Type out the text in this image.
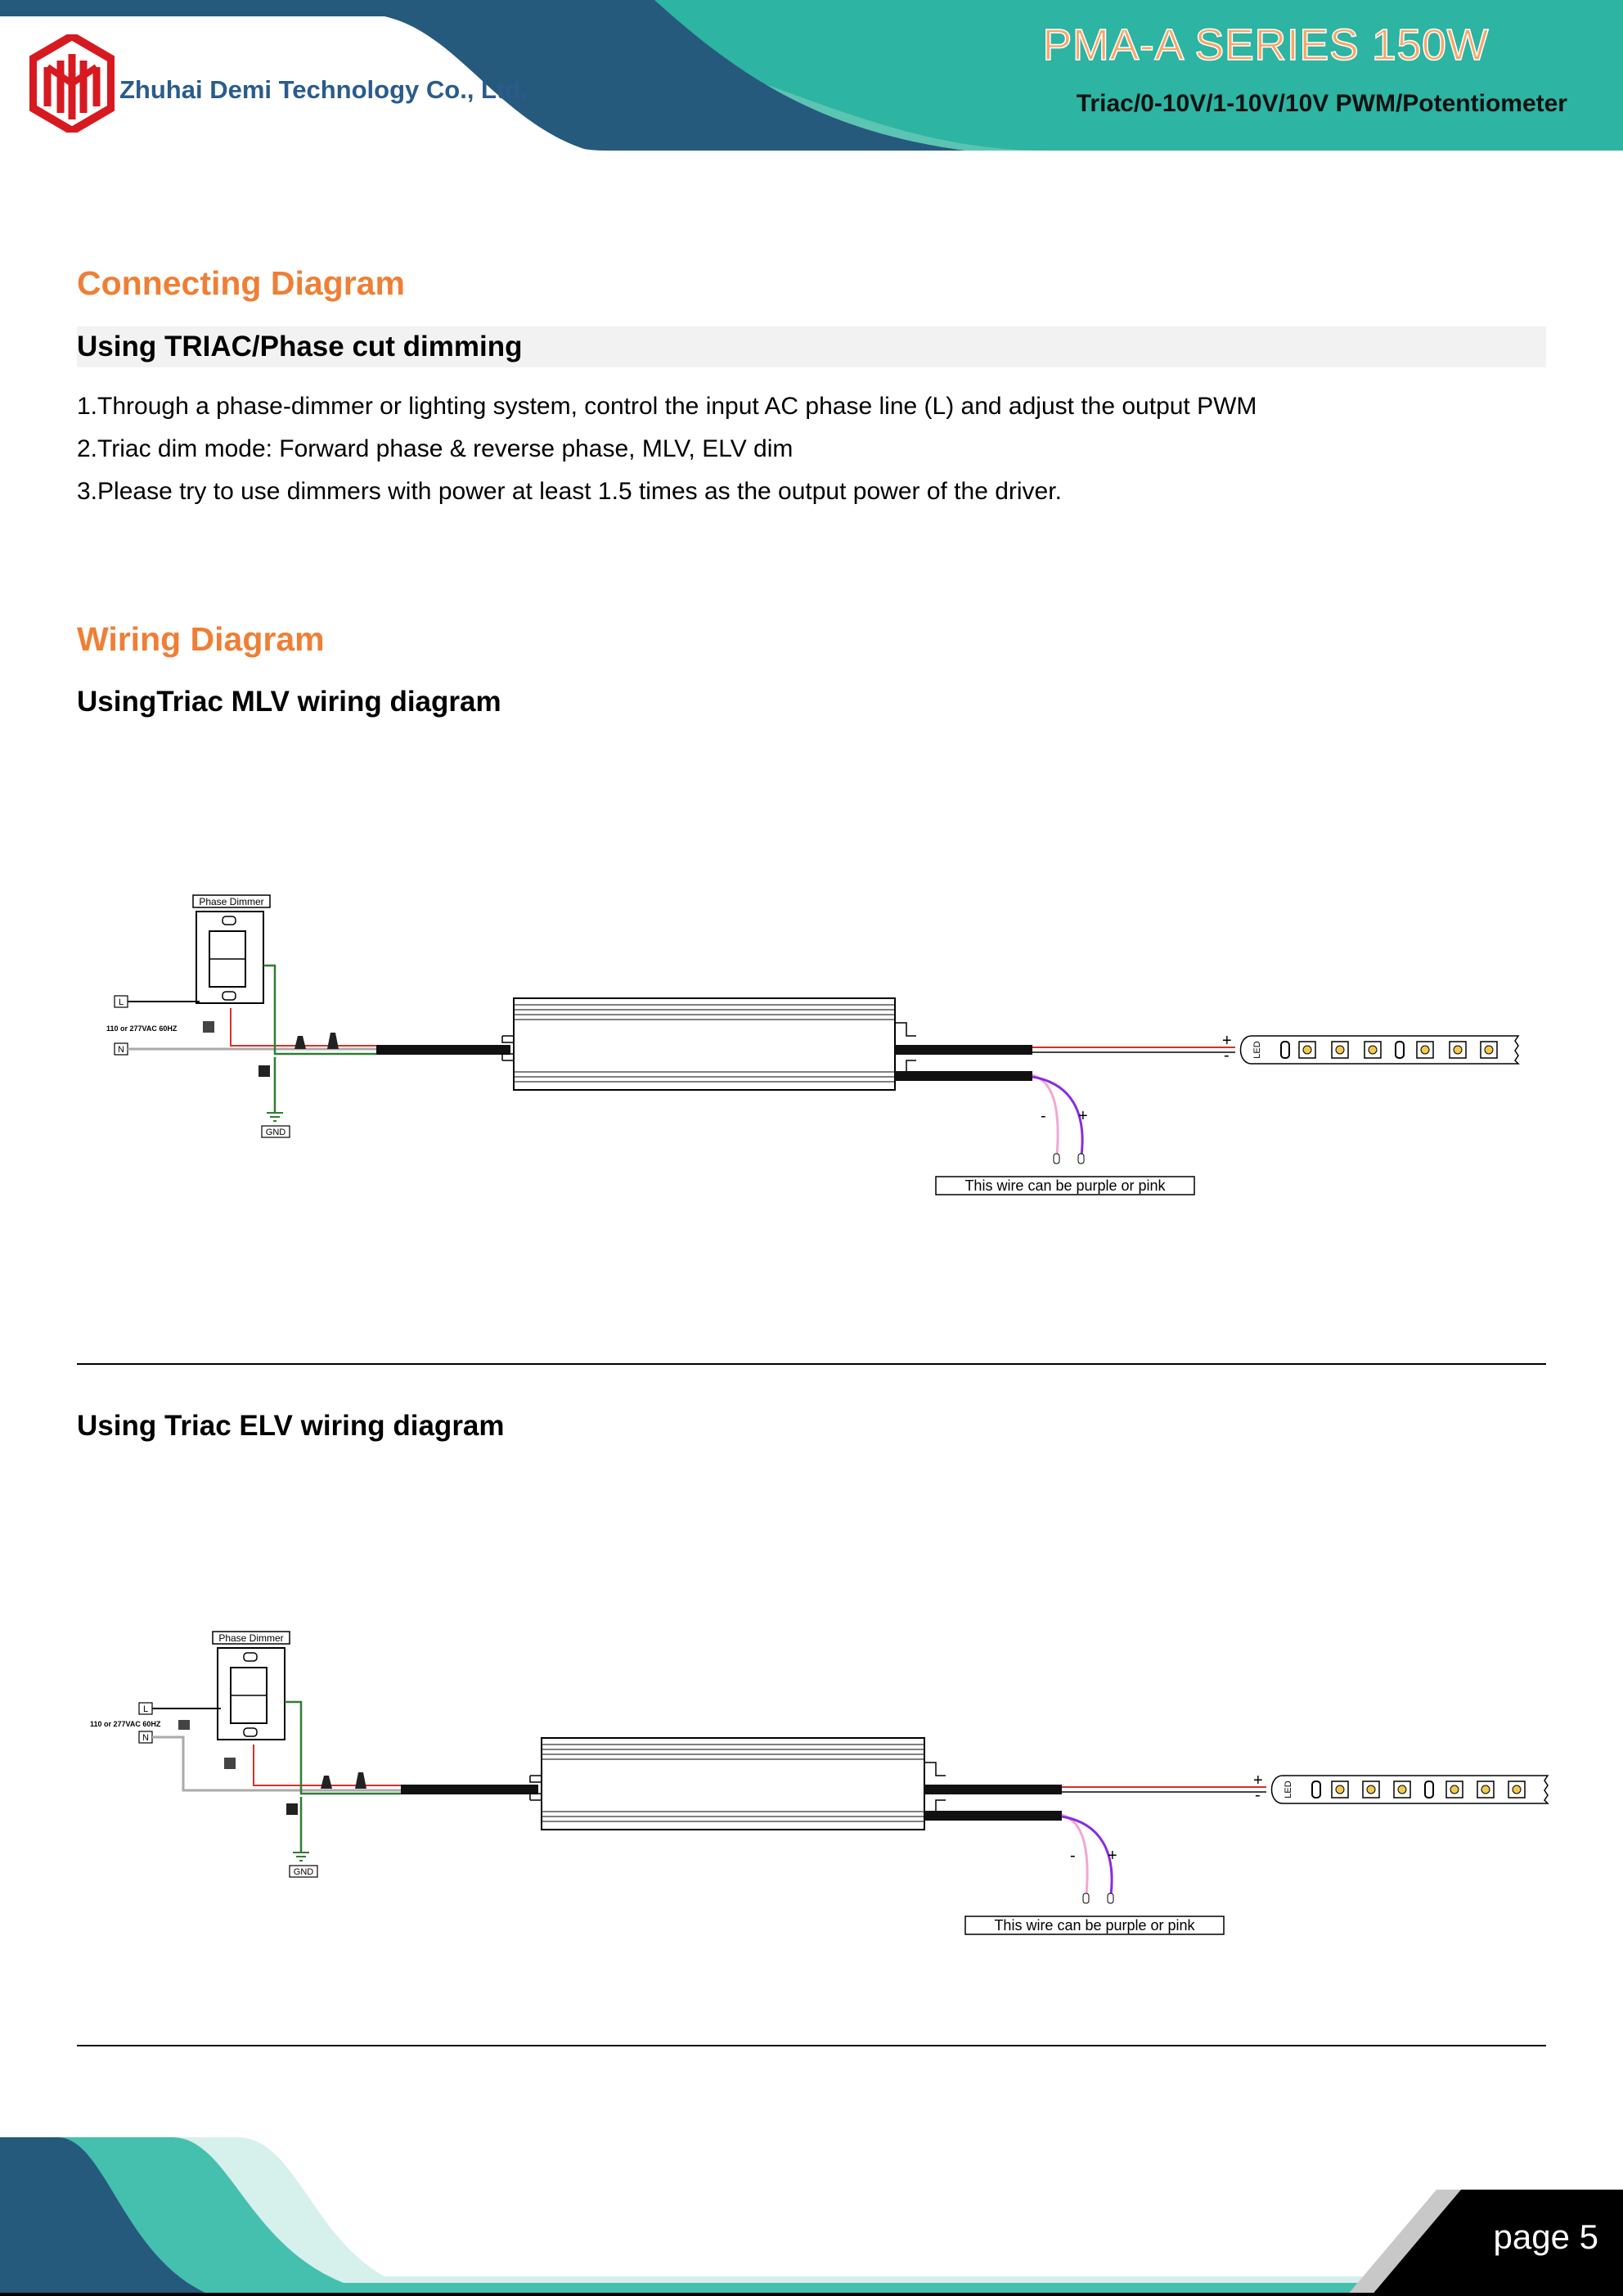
Zhuhai Demi Technology Co., Ltd.
PMA-A SERIES 150W
Triac/0-10V/1-10V/10V PWM/Potentiometer
Connecting Diagram
Using TRIAC/Phase cut dimming
1.Through a phase-dimmer or lighting system, control the input AC phase line (L) and adjust the output PWM
2.Triac dim mode: Forward phase & reverse phase, MLV, ELV dim
3.Please try to use dimmers with power at least 1.5 times as the output power of the driver.
Wiring Diagram
UsingTriac MLV wiring diagram
Phase Dimmer
L
110 or 277VAC 60HZ
N
GND
- +
This wire can be purple or pink
+
-	LED
Using Triac ELV wiring diagram
Phase Dimmer
L
110 or 277VAC 60HZ
N
GND
- +
This wire can be purple or pink
+
-	LED
page 5
